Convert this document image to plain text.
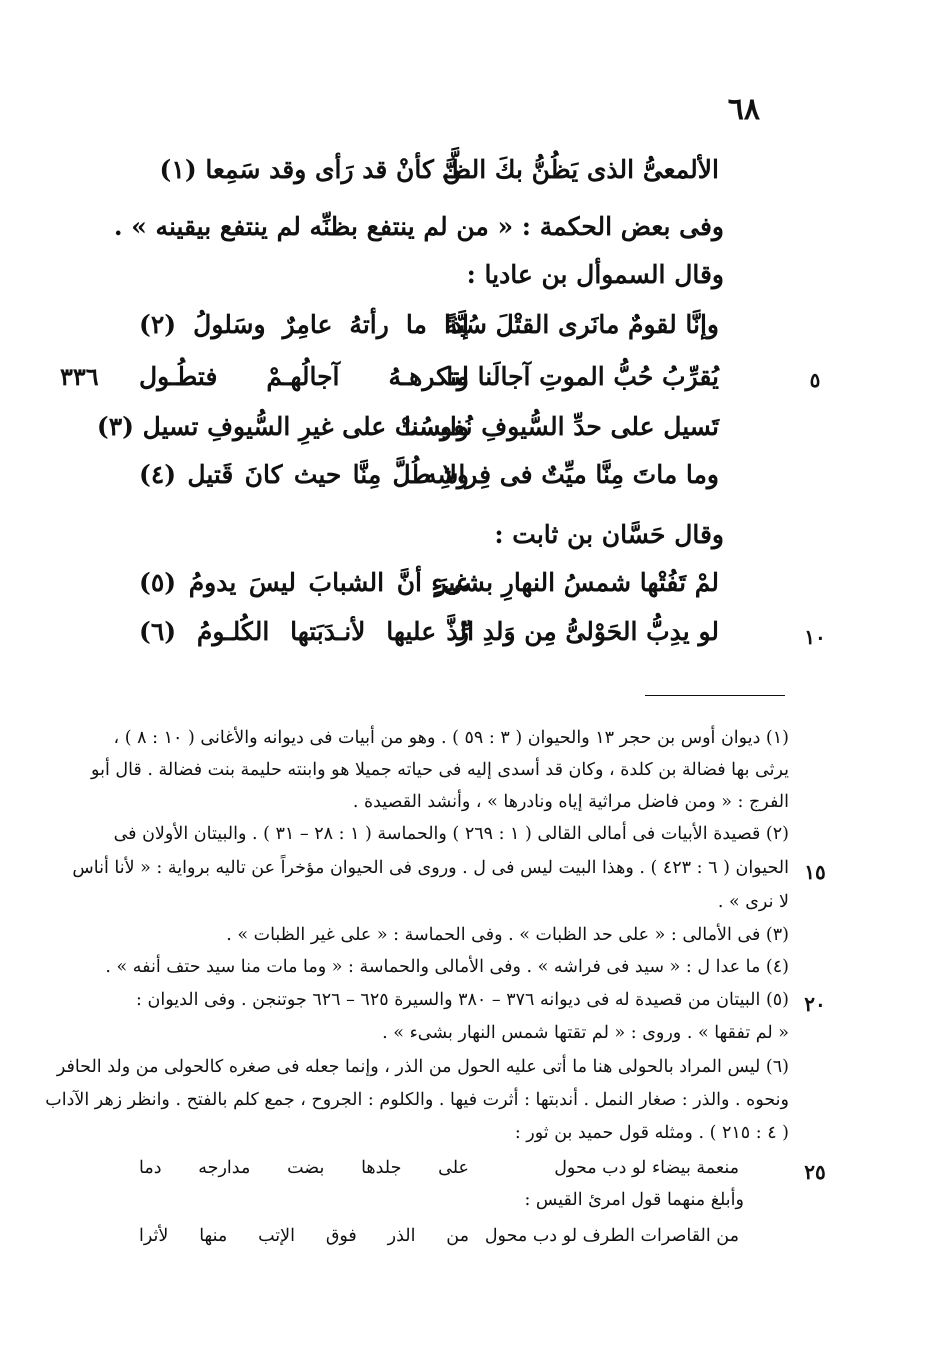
٦٨
الألمعىُّ الذى يَظُنُّ بكَ الظَّـ
ـنَّ كأنْ قد رَأى وقد سَمِعا (١)
وفى بعض الحكمة : « من لم ينتفع بظنِّه لم ينتفع بيقينه » .
وقال السموأل بن عاديا :
وإنَّا لقومٌ مانَرى القتْلَ سُبَّةً
إذا ما رأتهُ عامِرٌ وسَلولُ (٢)
يُقرِّبُ حُبُّ الموتِ آجالَنا لنا
وتكرهـهُ آجالُهـمْ فتطُـول	٥
٣٣٦
تَسيل على حدِّ السُّيوفِ نُفوسُنا
وليستْ على غيرِ السُّيوفِ تسيل (٣)
وما ماتَ مِنَّا ميِّتٌ فى فِراشِه
ولا طُلَّ مِنَّا حيث كانَ قَتيل (٤)
وقال حَسَّان بن ثابت :
لمْ تَفُتْها شمسُ النهارِ بشىءٍ
غيرَ أنَّ الشبابَ ليسَ يدومُ (٥)
لو يدِبُّ الحَوْلىُّ مِن وَلدِ الذَّ
رِّ عليها لأنـدَبَتها الكُلـومُ (٦)	١٠
(١) ديوان أوس بن حجر ١٣ والحيوان ( ٣ : ٥٩ ) . وهو من أبيات فى ديوانه والأغانى ( ١٠ : ٨ ) ،
يرثى بها فضالة بن كلدة ، وكان قد أسدى إليه فى حياته جميلا هو وابنته حليمة بنت فضالة . قال أبو
الفرج : « ومن فاضل مراثية إياه ونادرها » ، وأنشد القصيدة .
(٢) قصيدة الأبيات فى أمالى القالى ( ١ : ٢٦٩ ) والحماسة ( ١ : ٢٨ – ٣١ ) . والبيتان الأولان فى
الحيوان ( ٦ : ٤٢٣ ) . وهذا البيت ليس فى ل . وروى فى الحيوان مؤخراً عن تاليه برواية : « لأنا أناس ١٥
لا نرى » .
(٣) فى الأمالى : « على حد الظبات » . وفى الحماسة : « على غير الظبات » .
(٤) ما عدا ل : « سيد فى فراشه » . وفى الأمالى والحماسة : « وما مات منا سيد حتف أنفه » .
(٥) البيتان من قصيدة له فى ديوانه ٣٧٦ – ٣٨٠ والسيرة ٦٢٥ – ٦٢٦ جوتنجن . وفى الديوان : ٢٠
« لم تفقها » . وروى : « لم تقتها شمس النهار بشىء » .
(٦) ليس المراد بالحولى هنا ما أتى عليه الحول من الذر ، وإنما جعله فى صغره كالحولى من ولد الحافر
ونحوه . والذر : صغار النمل . أندبتها : أثرت فيها . والكلوم : الجروح ، جمع كلم بالفتح . وانظر زهر الآداب
( ٤ : ٢١٥ ) . ومثله قول حميد بن ثور :
منعمة بيضاء لو دب محول
على جلدها بضت مدارجه دما	٢٥
وأبلغ منهما قول امرئ القيس :
من القاصرات الطرف لو دب محول
من الذر فوق الإتب منها لأثرا
